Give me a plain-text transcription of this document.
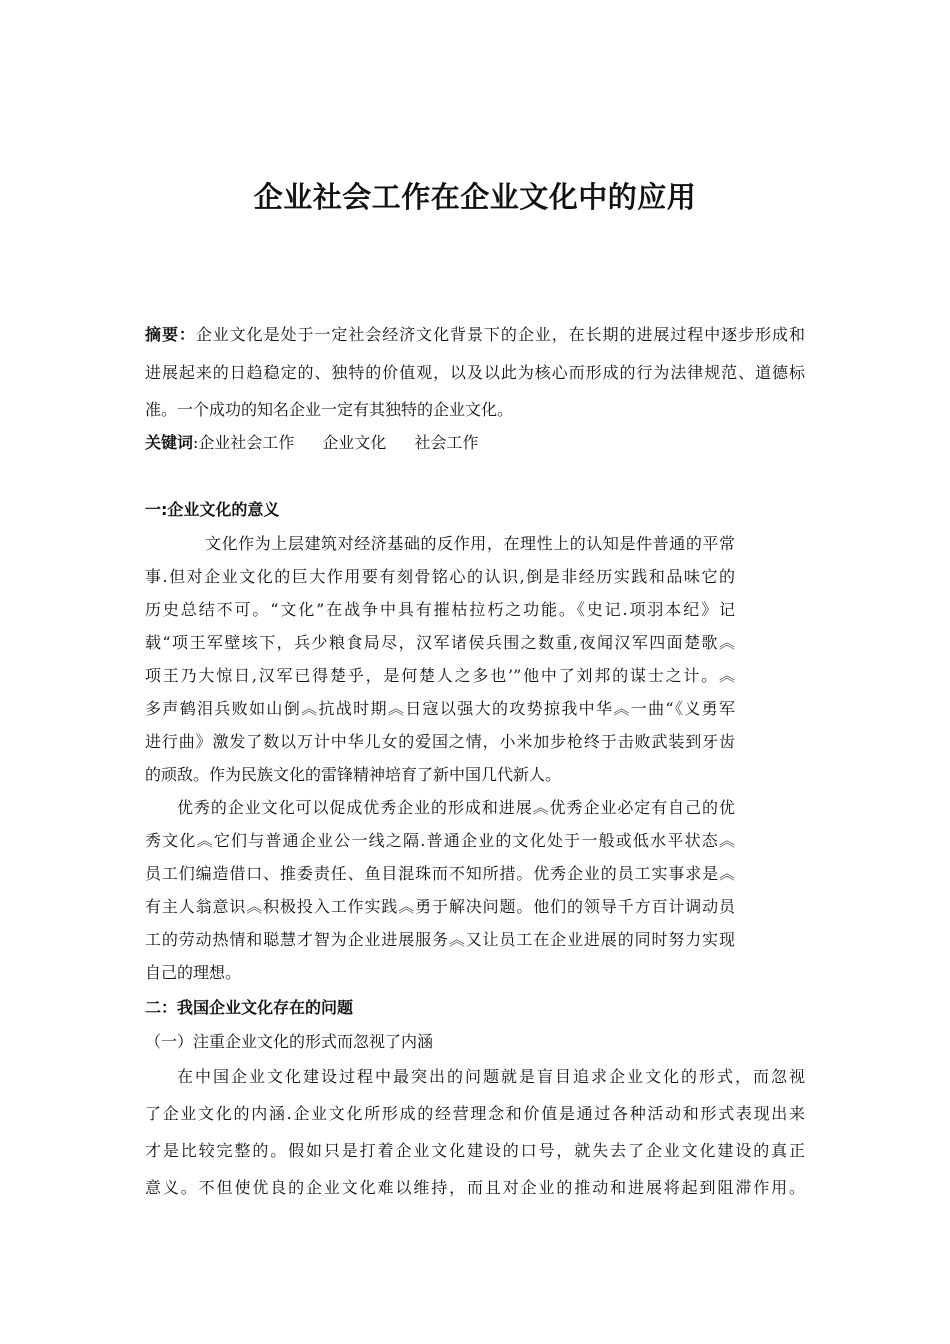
企业社会工作在企业文化中的应用
摘要：企业文化是处于一定社会经济文化背景下的企业，在长期的进展过程中逐步形成和
进展起来的日趋稳定的、独特的价值观，以及以此为核心而形成的行为法律规范、道德标
准。一个成功的知名企业一定有其独特的企业文化。
关键词:企业社会工作 企业文化 社会工作
一:企业文化的意义
文化作为上层建筑对经济基础的反作用，在理性上的认知是件普通的平常
事.但对企业文化的巨大作用要有刻骨铭心的认识,倒是非经历实践和品味它的
历史总结不可。“文化”在战争中具有摧枯拉朽之功能。《史记.项羽本纪》记
载“项王军壁垓下，兵少粮食局尽，汉军诸侯兵围之数重,夜闻汉军四面楚歌︽
项王乃大惊日,汉军已得楚乎，是何楚人之多也’”他中了刘邦的谋士之计。︽
多声鹤泪兵败如山倒︽抗战时期︽日寇以强大的攻势掠我中华︽一曲“《义勇军
进行曲》激发了数以万计中华儿女的爱国之情，小米加步枪终于击败武装到牙齿
的顽敌。作为民族文化的雷锋精神培育了新中国几代新人。
优秀的企业文化可以促成优秀企业的形成和进展︽优秀企业必定有自己的优
秀文化︽它们与普通企业公一线之隔.普通企业的文化处于一般或低水平状态︽
员工们编造借口、推委责任、鱼目混珠而不知所措。优秀企业的员工实事求是︽
有主人翁意识︽积极投入工作实践︽勇于解决问题。他们的领导千方百计调动员
工的劳动热情和聪慧才智为企业进展服务︽又让员工在企业进展的同时努力实现
自己的理想。
二：我国企业文化存在的问题
（一）注重企业文化的形式而忽视了内涵
在中国企业文化建设过程中最突出的问题就是盲目追求企业文化的形式，而忽视
了企业文化的内涵.企业文化所形成的经营理念和价值是通过各种活动和形式表现出来
才是比较完整的。假如只是打着企业文化建设的口号，就失去了企业文化建设的真正
意义。不但使优良的企业文化难以维持，而且对企业的推动和进展将起到阻滞作用。
